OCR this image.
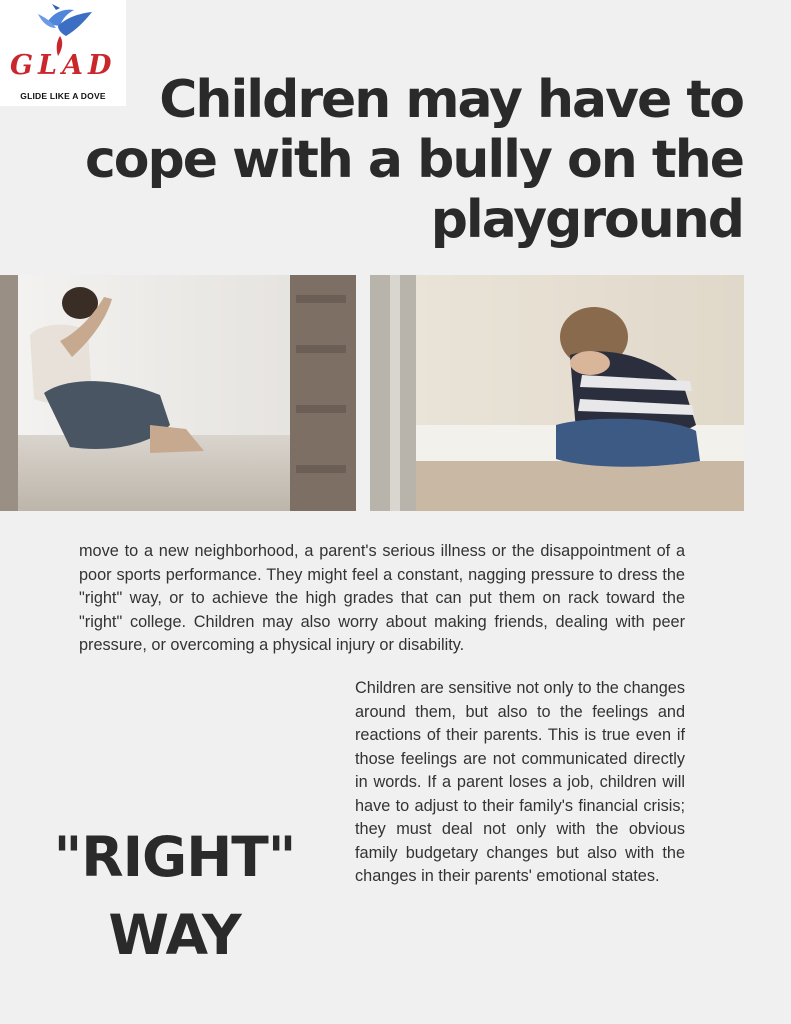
GLAD
GLIDE LIKE A DOVE	Children may have to cope with a bully on the playground

move to a new neighborhood, a parent's serious illness or the disappointment of a poor sports performance. They might feel a constant, nagging pressure to dress the "right" way, or to achieve the high grades that can put them on rack toward the "right" college. Children may also worry about making friends, dealing with peer pressure, or overcoming a physical injury or disability.

"RIGHT"
WAY

Children are sensitive not only to the changes around them, but also to the feelings and reactions of their parents. This is true even if those feelings are not communicated directly in words. If a parent loses a job, children will have to adjust to their family's financial crisis; they must deal not only with the obvious family budgetary changes but also with the changes in their parents' emotional states.
